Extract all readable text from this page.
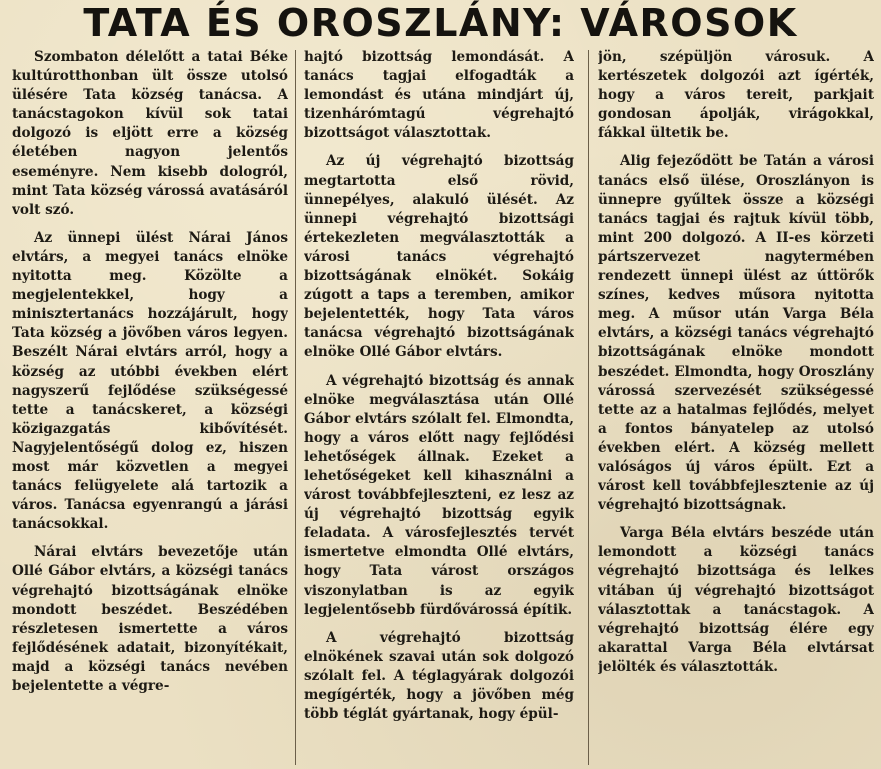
TATA ÉS OROSZLÁNY: VÁROSOK

Szombaton délelőtt a tatai Béke kultúrotthonban ült össze utolsó ülésére Tata község tanácsa. A tanácstagokon kívül sok tatai dolgozó is eljött erre a község életében nagyon jelentős eseményre. Nem kisebb dologról, mint Tata község várossá avatásáról volt szó.

Az ünnepi ülést Nárai János elvtárs, a megyei tanács elnöke nyitotta meg. Közölte a megjelentekkel, hogy a minisztertanács hozzájárult, hogy Tata község a jövőben város legyen. Beszélt Nárai elvtárs arról, hogy a község az utóbbi években elért nagyszerű fejlődése szükségessé tette a tanácskeret, a községi közigazgatás kibővítését. Nagyjelentőségű dolog ez, hiszen most már közvetlen a megyei tanács felügyelete alá tartozik a város. Tanácsa egyenrangú a járási tanácsokkal.

Nárai elvtárs bevezetője után Ollé Gábor elvtárs, a községi tanács végrehajtó bizottságának elnöke mondott beszédet. Beszédében részletesen ismertette a város fejlődésének adatait, bizonyítékait, majd a községi tanács nevében bejelentette a végre-

hajtó bizottság lemondását. A tanács tagjai elfogadták a lemondást és utána mindjárt új, tizenhárómtagú végrehajtó bizottságot választottak.

Az új végrehajtó bizottság megtartotta első rövid, ünnepélyes, alakuló ülését. Az ünnepi végrehajtó bizottsági értekezleten megválasztották a városi tanács végrehajtó bizottságának elnökét. Sokáig zúgott a taps a teremben, amikor bejelentették, hogy Tata város tanácsa végrehajtó bizottságának elnöke Ollé Gábor elvtárs.

A végrehajtó bizottság és annak elnöke megválasztása után Ollé Gábor elvtárs szólalt fel. Elmondta, hogy a város előtt nagy fejlődési lehetőségek állnak. Ezeket a lehetőségeket kell kihasználni a várost továbbfejleszteni, ez lesz az új végrehajtó bizottság egyik feladata. A városfejlesztés tervét ismertetve elmondta Ollé elvtárs, hogy Tata várost országos viszonylatban is az egyik legjelentősebb fürdővárossá építik.

A végrehajtó bizottság elnökének szavai után sok dolgozó szólalt fel. A téglagyárak dolgozói megígérték, hogy a jövőben még több téglát gyártanak, hogy épül-

jön, szépüljön városuk. A kertészetek dolgozói azt ígérték, hogy a város tereit, parkjait gondosan ápolják, virágokkal, fákkal ültetik be.

Alig fejeződött be Tatán a városi tanács első ülése, Oroszlányon is ünnepre gyűltek össze a községi tanács tagjai és rajtuk kívül több, mint 200 dolgozó. A II-es körzeti pártszervezet nagytermében rendezett ünnepi ülést az úttörők színes, kedves műsora nyitotta meg. A műsor után Varga Béla elvtárs, a községi tanács végrehajtó bizottságának elnöke mondott beszédet. Elmondta, hogy Oroszlány várossá szervezését szükségessé tette az a hatalmas fejlődés, melyet a fontos bányatelep az utolsó években elért. A község mellett valóságos új város épült. Ezt a várost kell továbbfejlesztenie az új végrehajtó bizottságnak.

Varga Béla elvtárs beszéde után lemondott a községi tanács végrehajtó bizottsága és lelkes vitában új végrehajtó bizottságot választottak a tanácstagok. A végrehajtó bizottság élére egy akarattal Varga Béla elvtársat jelölték és választották.
